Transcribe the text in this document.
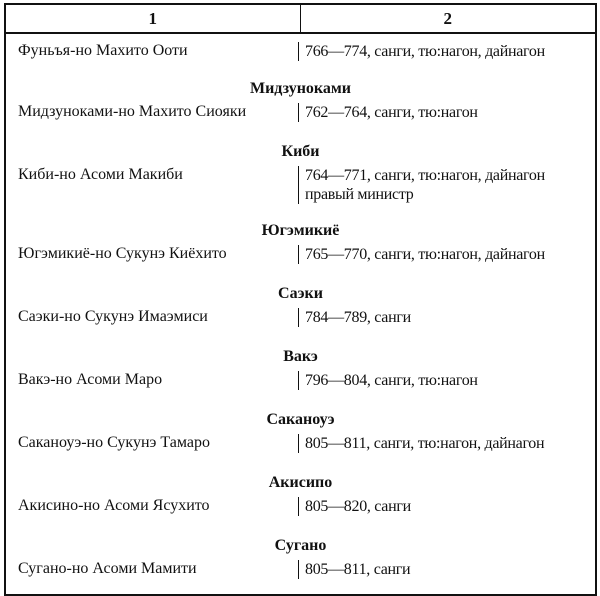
1	2
Фуньъя-но Махито Ооти	766—774, санги, тю:нагон, дайнагон

Мидзуноками	
Мидзуноками-но Махито Сиояки	762—764, санги, тю:нагон

Киби	
Киби-но Асоми Макиби	764—771, санги, тю:нагон, дайнагон
правый министр

Югэмикиё	
Югэмикиё-но Сукунэ Киёхито	765—770, санги, тю:нагон, дайнагон

Саэки	
Саэки-но Сукунэ Имаэмиси	784—789, санги

Вакэ	
Вакэ-но Асоми Маро	796—804, санги, тю:нагон

Саканоуэ	
Саканоуэ-но Сукунэ Тамаро	805—811, санги, тю:нагон, дайнагон

Акисипо	
Акисино-но Асоми Ясухито	805—820, санги

Сугано	
Сугано-но Асоми Мамити	805—811, санги
